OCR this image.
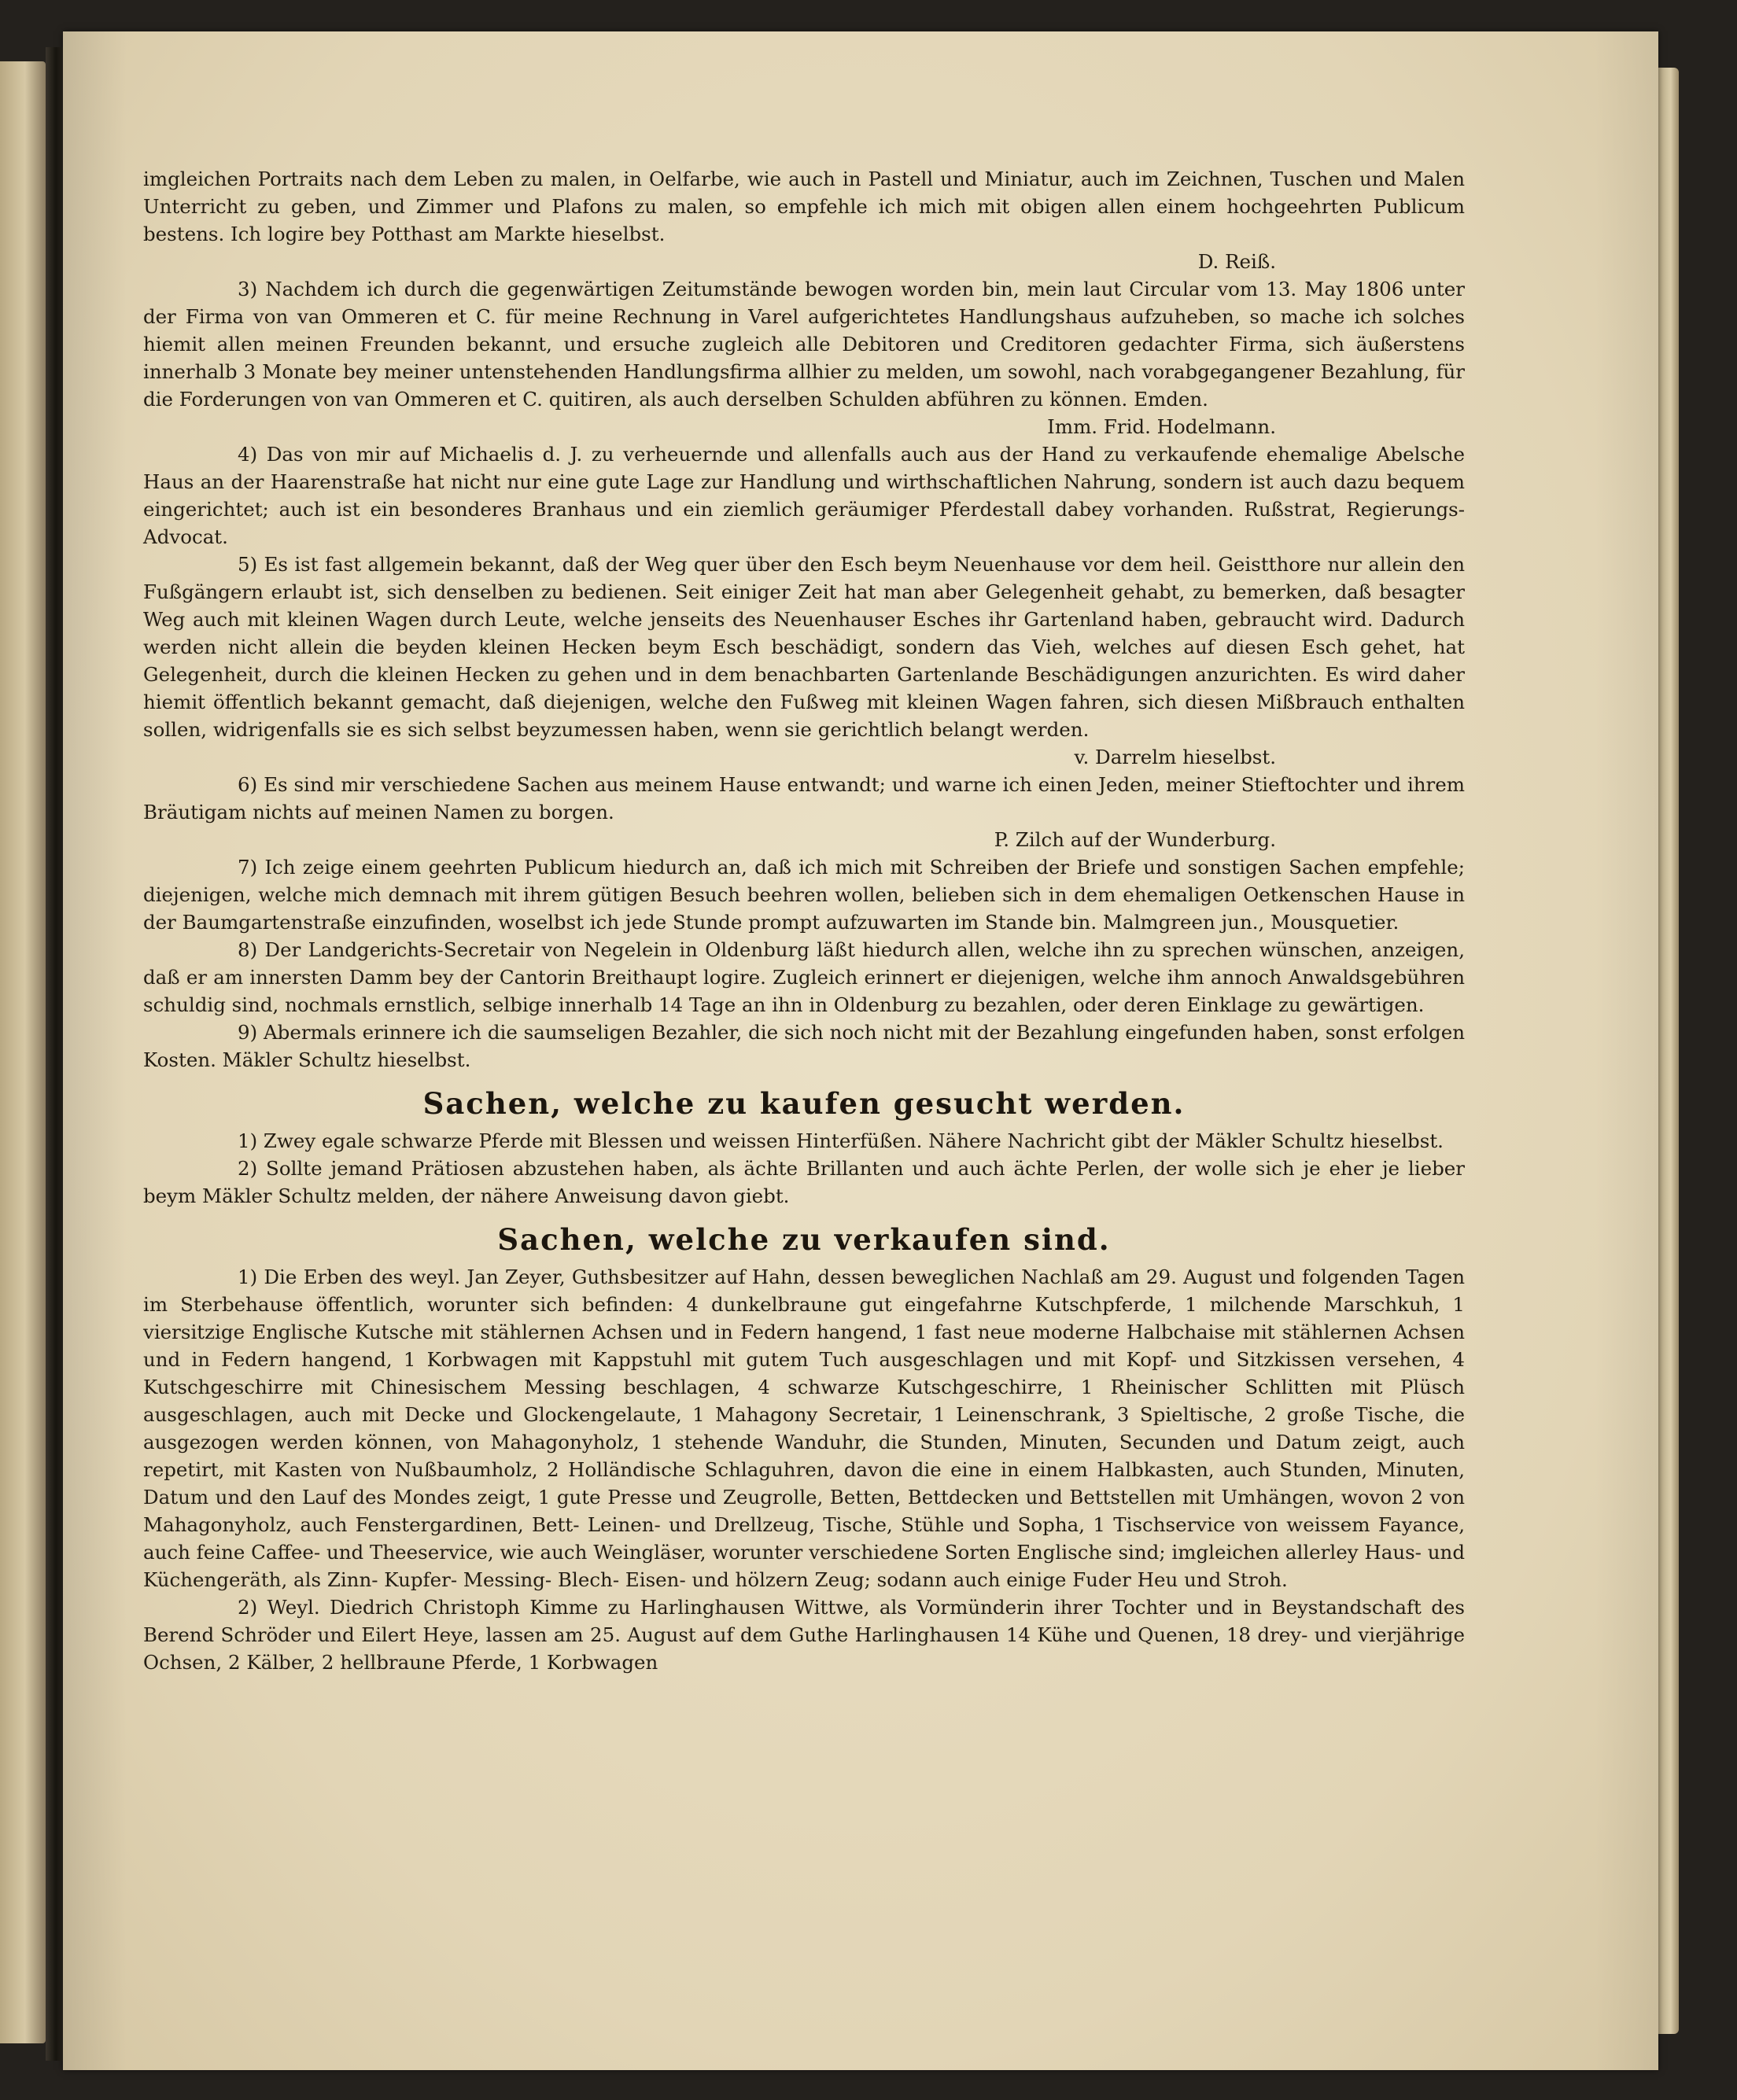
imgleichen Portraits nach dem Leben zu malen, in Oelfarbe, wie auch in Pastell und Miniatur, auch im Zeichnen, Tuschen und Malen Unterricht zu geben, und Zimmer und Plafons zu malen, so empfehle ich mich mit obigen allen einem hochgeehrten Publicum bestens. Ich logire bey Potthast am Markte hieselbst.

D. Reiß.

3) Nachdem ich durch die gegenwärtigen Zeitumstände bewogen worden bin, mein laut Circular vom 13. May 1806 unter der Firma von van Ommeren et C. für meine Rechnung in Varel aufgerichtetes Handlungshaus aufzuheben, so mache ich solches hiemit allen meinen Freunden bekannt, und ersuche zugleich alle Debitoren und Creditoren gedachter Firma, sich äußerstens innerhalb 3 Monate bey meiner untenstehenden Handlungsfirma allhier zu melden, um sowohl, nach vorabgegangener Bezahlung, für die Forderungen von van Ommeren et C. quitiren, als auch derselben Schulden abführen zu können. Emden.

Imm. Frid. Hodelmann.

4) Das von mir auf Michaelis d. J. zu verheuernde und allenfalls auch aus der Hand zu verkaufende ehemalige Abelsche Haus an der Haarenstraße hat nicht nur eine gute Lage zur Handlung und wirthschaftlichen Nahrung, sondern ist auch dazu bequem eingerichtet; auch ist ein besonderes Branhaus und ein ziemlich geräumiger Pferdestall dabey vorhanden. Rußstrat, Regierungs-Advocat.

5) Es ist fast allgemein bekannt, daß der Weg quer über den Esch beym Neuenhause vor dem heil. Geistthore nur allein den Fußgängern erlaubt ist, sich denselben zu bedienen. Seit einiger Zeit hat man aber Gelegenheit gehabt, zu bemerken, daß besagter Weg auch mit kleinen Wagen durch Leute, welche jenseits des Neuenhauser Esches ihr Gartenland haben, gebraucht wird. Dadurch werden nicht allein die beyden kleinen Hecken beym Esch beschädigt, sondern das Vieh, welches auf diesen Esch gehet, hat Gelegenheit, durch die kleinen Hecken zu gehen und in dem benachbarten Gartenlande Beschädigungen anzurichten. Es wird daher hiemit öffentlich bekannt gemacht, daß diejenigen, welche den Fußweg mit kleinen Wagen fahren, sich diesen Mißbrauch enthalten sollen, widrigenfalls sie es sich selbst beyzumessen haben, wenn sie gerichtlich belangt werden.

v. Darrelm hieselbst.

6) Es sind mir verschiedene Sachen aus meinem Hause entwandt; und warne ich einen Jeden, meiner Stieftochter und ihrem Bräutigam nichts auf meinen Namen zu borgen.

P. Zilch auf der Wunderburg.

7) Ich zeige einem geehrten Publicum hiedurch an, daß ich mich mit Schreiben der Briefe und sonstigen Sachen empfehle; diejenigen, welche mich demnach mit ihrem gütigen Besuch beehren wollen, belieben sich in dem ehemaligen Oetkenschen Hause in der Baumgartenstraße einzufinden, woselbst ich jede Stunde prompt aufzuwarten im Stande bin. Malmgreen jun., Mousquetier.

8) Der Landgerichts-Secretair von Negelein in Oldenburg läßt hiedurch allen, welche ihn zu sprechen wünschen, anzeigen, daß er am innersten Damm bey der Cantorin Breithaupt logire. Zugleich erinnert er diejenigen, welche ihm annoch Anwaldsgebühren schuldig sind, nochmals ernstlich, selbige innerhalb 14 Tage an ihn in Oldenburg zu bezahlen, oder deren Einklage zu gewärtigen.

9) Abermals erinnere ich die saumseligen Bezahler, die sich noch nicht mit der Bezahlung eingefunden haben, sonst erfolgen Kosten. Mäkler Schultz hieselbst.

Sachen, welche zu kaufen gesucht werden.

1) Zwey egale schwarze Pferde mit Blessen und weissen Hinterfüßen. Nähere Nachricht gibt der Mäkler Schultz hieselbst.

2) Sollte jemand Prätiosen abzustehen haben, als ächte Brillanten und auch ächte Perlen, der wolle sich je eher je lieber beym Mäkler Schultz melden, der nähere Anweisung davon giebt.

Sachen, welche zu verkaufen sind.

1) Die Erben des weyl. Jan Zeyer, Guthsbesitzer auf Hahn, dessen beweglichen Nachlaß am 29. August und folgenden Tagen im Sterbehause öffentlich, worunter sich befinden: 4 dunkelbraune gut eingefahrne Kutschpferde, 1 milchende Marschkuh, 1 viersitzige Englische Kutsche mit stählernen Achsen und in Federn hangend, 1 fast neue moderne Halbchaise mit stählernen Achsen und in Federn hangend, 1 Korbwagen mit Kappstuhl mit gutem Tuch ausgeschlagen und mit Kopf- und Sitzkissen versehen, 4 Kutschgeschirre mit Chinesischem Messing beschlagen, 4 schwarze Kutschgeschirre, 1 Rheinischer Schlitten mit Plüsch ausgeschlagen, auch mit Decke und Glockengelaute, 1 Mahagony Secretair, 1 Leinenschrank, 3 Spieltische, 2 große Tische, die ausgezogen werden können, von Mahagonyholz, 1 stehende Wanduhr, die Stunden, Minuten, Secunden und Datum zeigt, auch repetirt, mit Kasten von Nußbaumholz, 2 Holländische Schlaguhren, davon die eine in einem Halbkasten, auch Stunden, Minuten, Datum und den Lauf des Mondes zeigt, 1 gute Presse und Zeugrolle, Betten, Bettdecken und Bettstellen mit Umhängen, wovon 2 von Mahagonyholz, auch Fenstergardinen, Bett- Leinen- und Drellzeug, Tische, Stühle und Sopha, 1 Tischservice von weissem Fayance, auch feine Caffee- und Theeservice, wie auch Weingläser, worunter verschiedene Sorten Englische sind; imgleichen allerley Haus- und Küchengeräth, als Zinn- Kupfer- Messing- Blech- Eisen- und hölzern Zeug; sodann auch einige Fuder Heu und Stroh.

2) Weyl. Diedrich Christoph Kimme zu Harlinghausen Wittwe, als Vormünderin ihrer Tochter und in Beystandschaft des Berend Schröder und Eilert Heye, lassen am 25. August auf dem Guthe Harlinghausen 14 Kühe und Quenen, 18 drey- und vierjährige Ochsen, 2 Kälber, 2 hellbraune Pferde, 1 Korbwagen
